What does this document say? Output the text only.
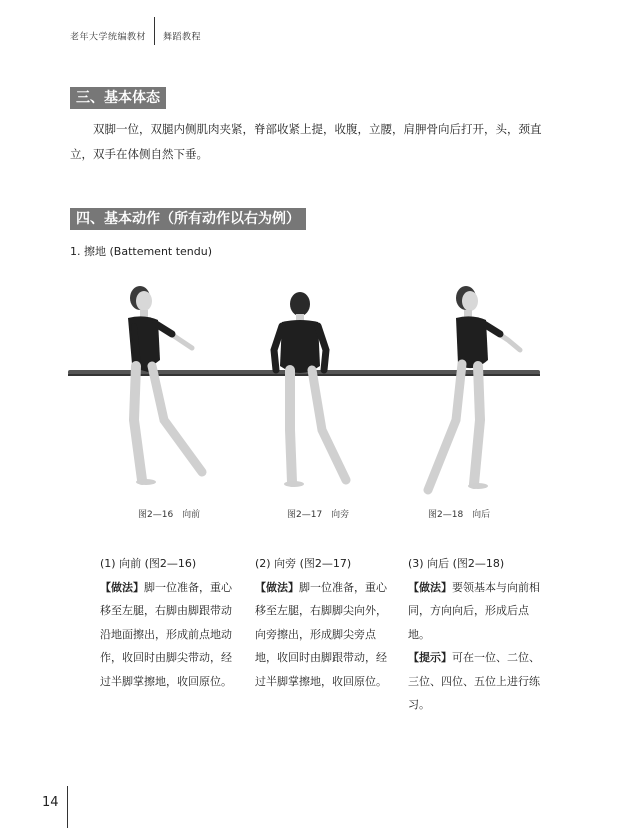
老年大学统编教材 舞蹈教程
三、基本体态
双脚一位，双腿内侧肌肉夹紧，脊部收紧上提，收腹，立腰，肩胛骨向后打开，头，颈直立，双手在体侧自然下垂。
四、基本动作（所有动作以右为例）
1. 擦地 (Battement tendu)
图2—16　向前	图2—17　向旁	图2—18　向后

(1) 向前 (图2—16)

【做法】脚一位准备，重心移至左腿，右脚由脚跟带动沿地面擦出，形成前点地动作，收回时由脚尖带动，经过半脚掌擦地，收回原位。

(2) 向旁 (图2—17)

【做法】脚一位准备，重心移至左腿，右脚脚尖向外，向旁擦出，形成脚尖旁点地，收回时由脚跟带动，经过半脚掌擦地，收回原位。

(3) 向后 (图2—18)

【做法】要领基本与向前相同，方向向后，形成后点地。

【提示】可在一位、二位、三位、四位、五位上进行练习。

14
